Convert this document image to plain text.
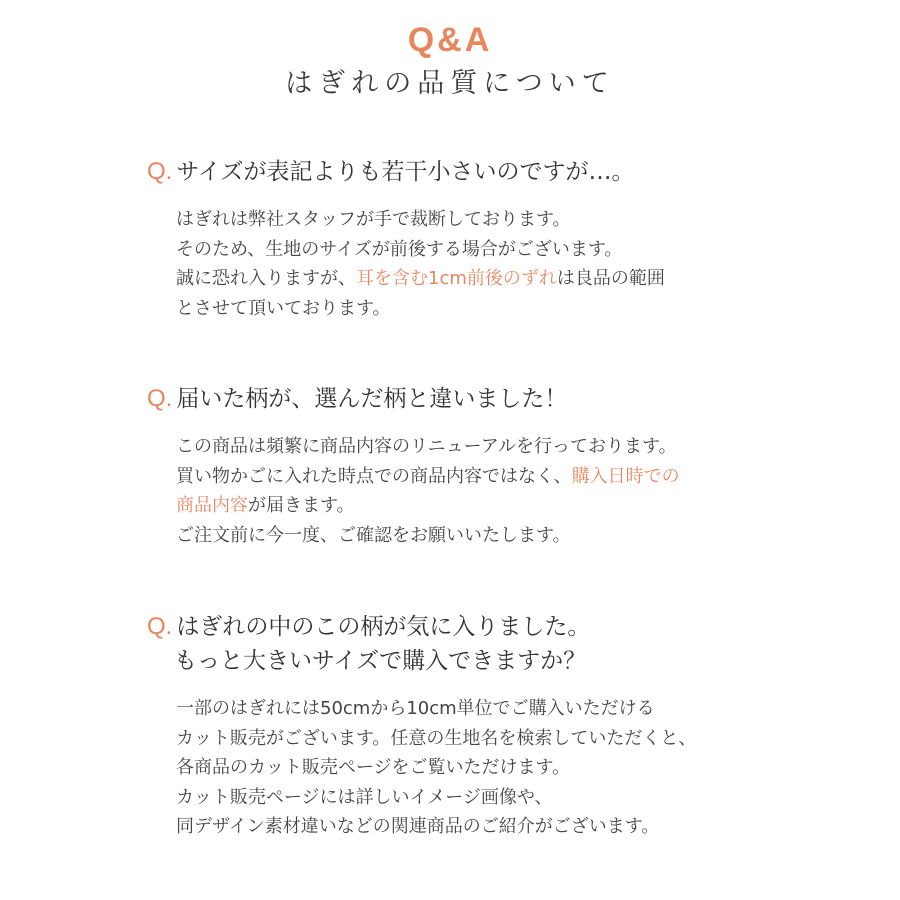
Q&A
はぎれの品質について
Q. サイズが表記よりも若干小さいのですが…。
はぎれは弊社スタッフが手で裁断しております。
そのため、生地のサイズが前後する場合がございます。
誠に恐れ入りますが、耳を含む1cm前後のずれは良品の範囲
とさせて頂いております。
Q. 届いた柄が、選んだ柄と違いました！
この商品は頻繁に商品内容のリニューアルを行っております。
買い物かごに入れた時点での商品内容ではなく、購入日時での
商品内容が届きます。
ご注文前に今一度、ご確認をお願いいたします。
Q. はぎれの中のこの柄が気に入りました。
もっと大きいサイズで購入できますか？
一部のはぎれには50cmから10cm単位でご購入いただける
カット販売がございます。任意の生地名を検索していただくと、
各商品のカット販売ページをご覧いただけます。
カット販売ページには詳しいイメージ画像や、
同デザイン素材違いなどの関連商品のご紹介がございます。
